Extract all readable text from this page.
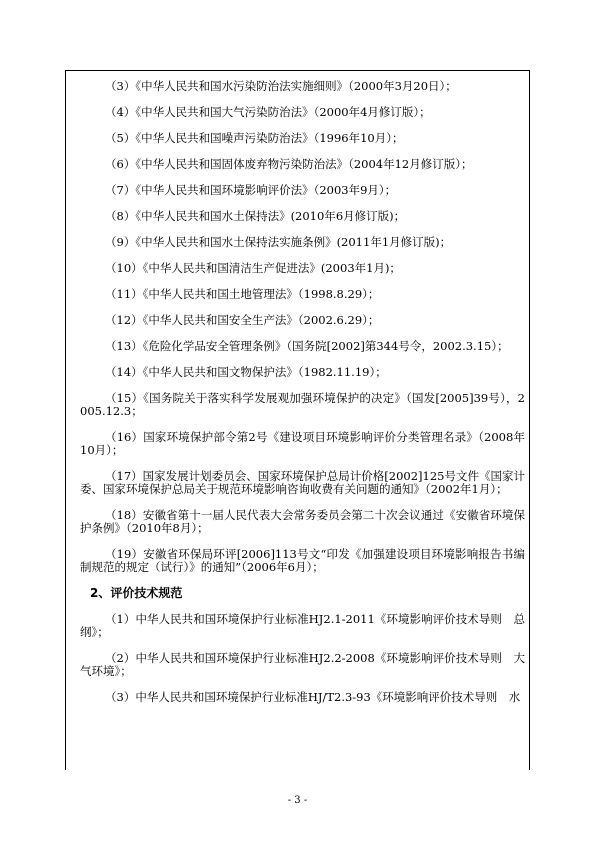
（3）《中华人民共和国水污染防治法实施细则》（2000年3月20日）；

（4）《中华人民共和国大气污染防治法》（2000年4月修订版）；

（5）《中华人民共和国噪声污染防治法》（1996年10月）；

（6）《中华人民共和国固体废弃物污染防治法》（2004年12月修订版）；

（7）《中华人民共和国环境影响评价法》（2003年9月）；

（8）《中华人民共和国水土保持法》(2010年6月修订版)；

（9）《中华人民共和国水土保持法实施条例》(2011年1月修订版)；

（10）《中华人民共和国清洁生产促进法》(2003年1月)；

（11）《中华人民共和国土地管理法》（1998.8.29）；

（12）《中华人民共和国安全生产法》（2002.6.29）；

（13）《危险化学品安全管理条例》（国务院[2002]第344号令，2002.3.15）；

（14）《中华人民共和国文物保护法》（1982.11.19）；

（15）《国务院关于落实科学发展观加强环境保护的决定》（国发[2005]39号），2005.12.3；

（16）国家环境保护部令第2号《建设项目环境影响评价分类管理名录》（2008年10月）；

（17）国家发展计划委员会、国家环境保护总局计价格[2002]125号文件《国家计委、国家环境保护总局关于规范环境影响咨询收费有关问题的通知》（2002年1月）；

（18）安徽省第十一届人民代表大会常务委员会第二十次会议通过《安徽省环境保护条例》（2010年8月）；

（19）安徽省环保局环评[2006]113号文“印发《加强建设项目环境影响报告书编制规范的规定（试行）》的通知”（2006年6月）；

2、评价技术规范

（1）中华人民共和国环境保护行业标准HJ2.1-2011《环境影响评价技术导则　总纲》；

（2）中华人民共和国环境保护行业标准HJ2.2-2008《环境影响评价技术导则　大气环境》；

（3）中华人民共和国环境保护行业标准HJ/T2.3-93《环境影响评价技术导则　水

- 3 -
